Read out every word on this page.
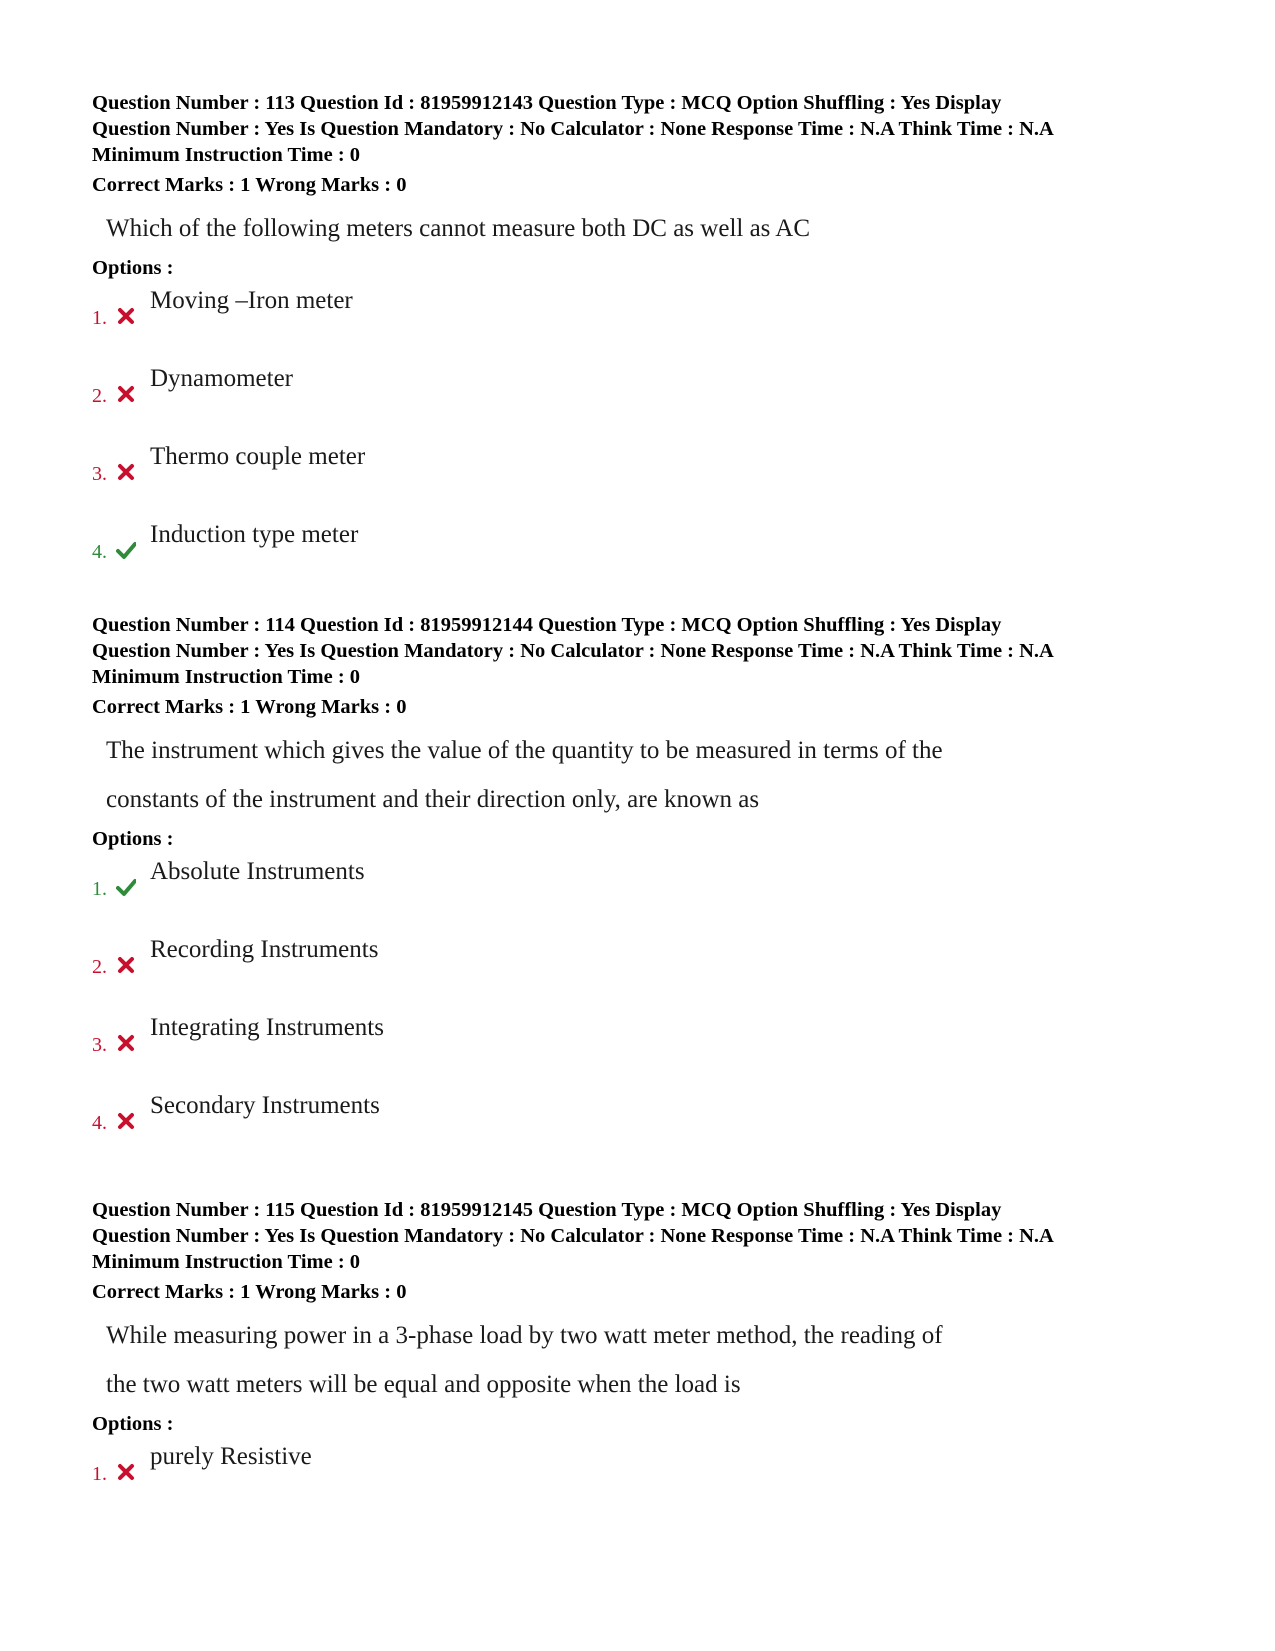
Question Number : 113 Question Id : 81959912143 Question Type : MCQ Option Shuffling : Yes Display
Question Number : Yes Is Question Mandatory : No Calculator : None Response Time : N.A Think Time : N.A
Minimum Instruction Time : 0
Correct Marks : 1 Wrong Marks : 0
Which of the following meters cannot measure both DC as well as AC
Options :
1.
Moving –Iron meter
2.
Dynamometer
3.
Thermo couple meter
4.
Induction type meter
Question Number : 114 Question Id : 81959912144 Question Type : MCQ Option Shuffling : Yes Display
Question Number : Yes Is Question Mandatory : No Calculator : None Response Time : N.A Think Time : N.A
Minimum Instruction Time : 0
Correct Marks : 1 Wrong Marks : 0
The instrument which gives the value of the quantity to be measured in terms of the
constants of the instrument and their direction only, are known as
Options :
1.
Absolute Instruments
2.
Recording Instruments
3.
Integrating Instruments
4.
Secondary Instruments
Question Number : 115 Question Id : 81959912145 Question Type : MCQ Option Shuffling : Yes Display
Question Number : Yes Is Question Mandatory : No Calculator : None Response Time : N.A Think Time : N.A
Minimum Instruction Time : 0
Correct Marks : 1 Wrong Marks : 0
While measuring power in a 3-phase load by two watt meter method, the reading of
the two watt meters will be equal and opposite when the load is
Options :
1.
purely Resistive
